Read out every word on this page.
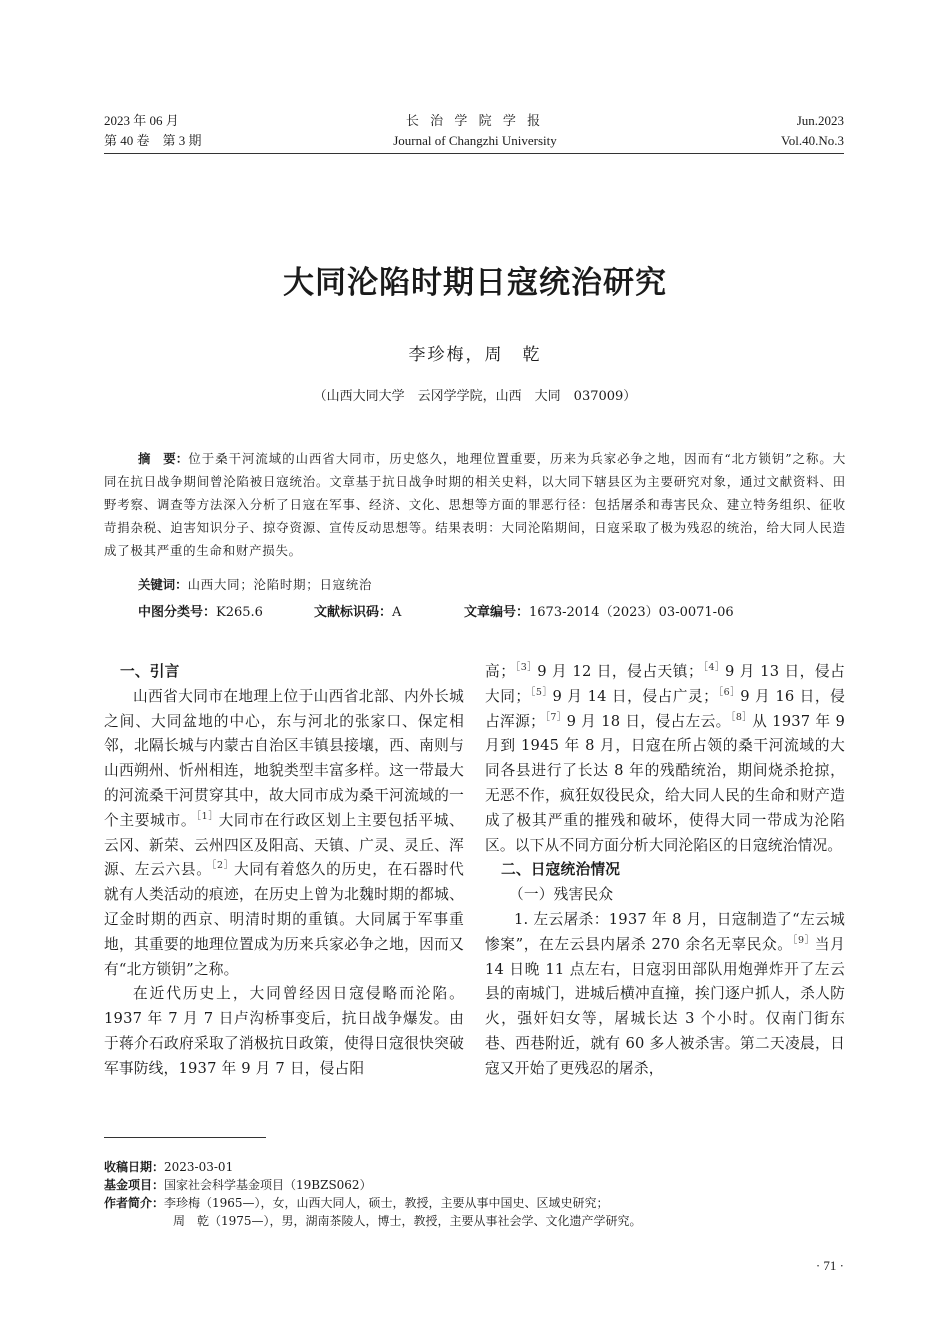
2023 年 06 月
第 40 卷　第 3 期
长 治 学 院 学 报
Journal of Changzhi University
Jun.2023
Vol.40.No.3
大同沦陷时期日寇统治研究
李珍梅，周　乾
（山西大同大学　云冈学学院，山西　大同　037009）

摘　要：位于桑干河流域的山西省大同市，历史悠久，地理位置重要，历来为兵家必争之地，因而有“北方锁钥”之称。大同在抗日战争期间曾沦陷被日寇统治。文章基于抗日战争时期的相关史料，以大同下辖县区为主要研究对象，通过文献资料、田野考察、调查等方法深入分析了日寇在军事、经济、文化、思想等方面的罪恶行径：包括屠杀和毒害民众、建立特务组织、征收苛捐杂税、迫害知识分子、掠夺资源、宣传反动思想等。结果表明：大同沦陷期间，日寇采取了极为残忍的统治，给大同人民造成了极其严重的生命和财产损失。

关键词：山西大同；沦陷时期；日寇统治
中图分类号：K265.6	文献标识码：A	文章编号：1673-2014（2023）03-0071-06
一、引言

山西省大同市在地理上位于山西省北部、内外长城之间、大同盆地的中心，东与河北的张家口、保定相邻，北隔长城与内蒙古自治区丰镇县接壤，西、南则与山西朔州、忻州相连，地貌类型丰富多样。这一带最大的河流桑干河贯穿其中，故大同市成为桑干河流域的一个主要城市。$^{[1]}$大同市在行政区划上主要包括平城、云冈、新荣、云州四区及阳高、天镇、广灵、灵丘、浑源、左云六县。$^{[2]}$大同有着悠久的历史，在石器时代就有人类活动的痕迹，在历史上曾为北魏时期的都城、辽金时期的西京、明清时期的重镇。大同属于军事重地，其重要的地理位置成为历来兵家必争之地，因而又有“北方锁钥”之称。

在近代历史上，大同曾经因日寇侵略而沦陷。1937 年 7 月 7 日卢沟桥事变后，抗日战争爆发。由于蒋介石政府采取了消极抗日政策，使得日寇很快突破军事防线，1937 年 9 月 7 日，侵占阳

高；$^{[3]}$9 月 12 日，侵占天镇；$^{[4]}$9 月 13 日，侵占大同；$^{[5]}$9 月 14 日，侵占广灵；$^{[6]}$9 月 16 日，侵占浑源；$^{[7]}$9 月 18 日，侵占左云。$^{[8]}$从 1937 年 9 月到 1945 年 8 月，日寇在所占领的桑干河流域的大同各县进行了长达 8 年的残酷统治，期间烧杀抢掠，无恶不作，疯狂奴役民众，给大同人民的生命和财产造成了极其严重的摧残和破坏，使得大同一带成为沦陷区。以下从不同方面分析大同沦陷区的日寇统治情况。

二、日寇统治情况
（一）残害民众

1. 左云屠杀：1937 年 8 月，日寇制造了“左云城惨案”，在左云县内屠杀 270 余名无辜民众。$^{[9]}$当月 14 日晚 11 点左右，日寇羽田部队用炮弹炸开了左云县的南城门，进城后横冲直撞，挨门逐户抓人，杀人防火，强奸妇女等，屠城长达 3 个小时。仅南门街东巷、西巷附近，就有 60 多人被杀害。第二天凌晨，日寇又开始了更残忍的屠杀，

收稿日期：2023-03-01
基金项目：国家社会科学基金项目（19BZS062）
作者简介：李珍梅（1965—），女，山西大同人，硕士，教授，主要从事中国史、区域史研究；
周　乾（1975—），男，湖南茶陵人，博士，教授，主要从事社会学、文化遗产学研究。
· 71 ·
